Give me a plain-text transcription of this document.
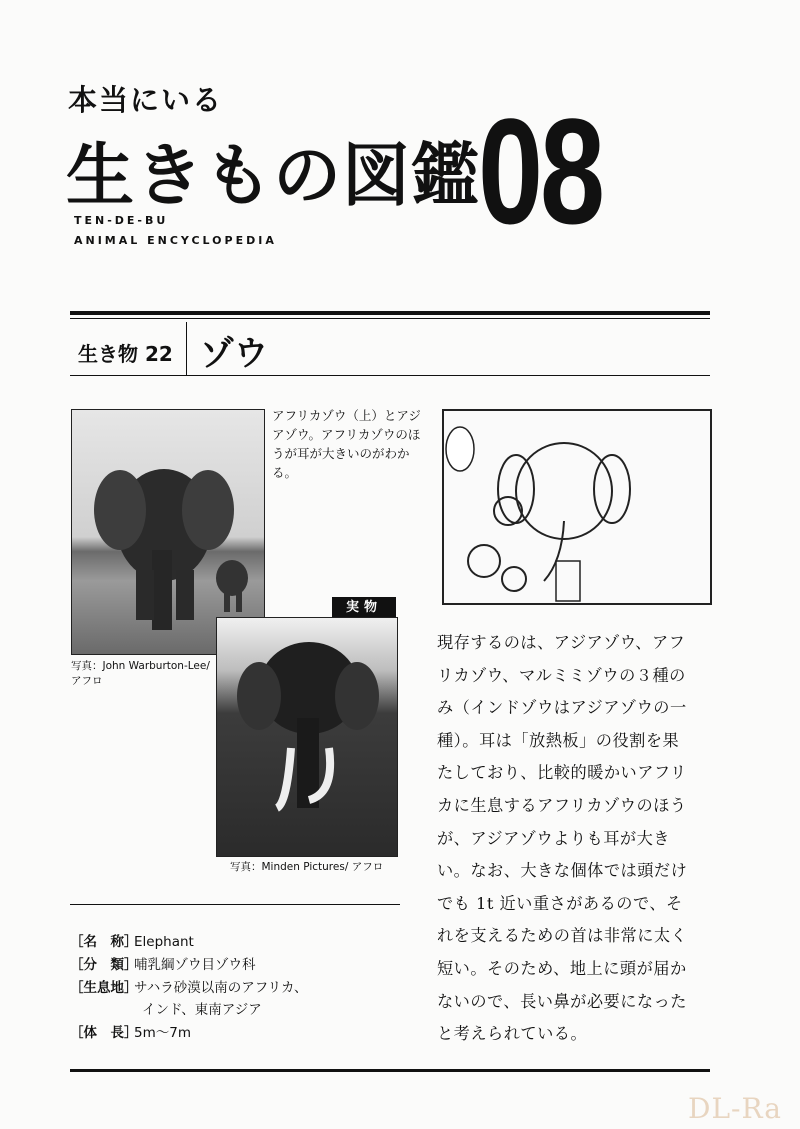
本当にいる
生きもの図鑑
08
TEN-DE-BU
ANIMAL ENCYCLOPEDIA
生き物 22 ゾウ
アフリカゾウ（上）とアジアゾウ。アフリカゾウのほうが耳が大きいのがわかる。
写真：John Warburton-Lee/ アフロ
実物
写真：Minden Pictures/ アフロ
現存するのは、アジアゾウ、アフ
リカゾウ、マルミミゾウの３種の
み（インドゾウはアジアゾウの一
種）。耳は「放熱板」の役割を果
たしており、比較的暖かいアフリ
カに生息するアフリカゾウのほう
が、アジアゾウよりも耳が大き
い。なお、大きな個体では頭だけ
でも 1t 近い重さがあるので、そ
れを支えるための首は非常に太く
短い。そのため、地上に頭が届か
ないので、長い鼻が必要になった
と考えられている。
［名　称］Elephant
［分　類］哺乳綱ゾウ目ゾウ科
［生息地］サハラ砂漠以南のアフリカ、
インド、東南アジア
［体　長］5m〜7m
DL-Ra
